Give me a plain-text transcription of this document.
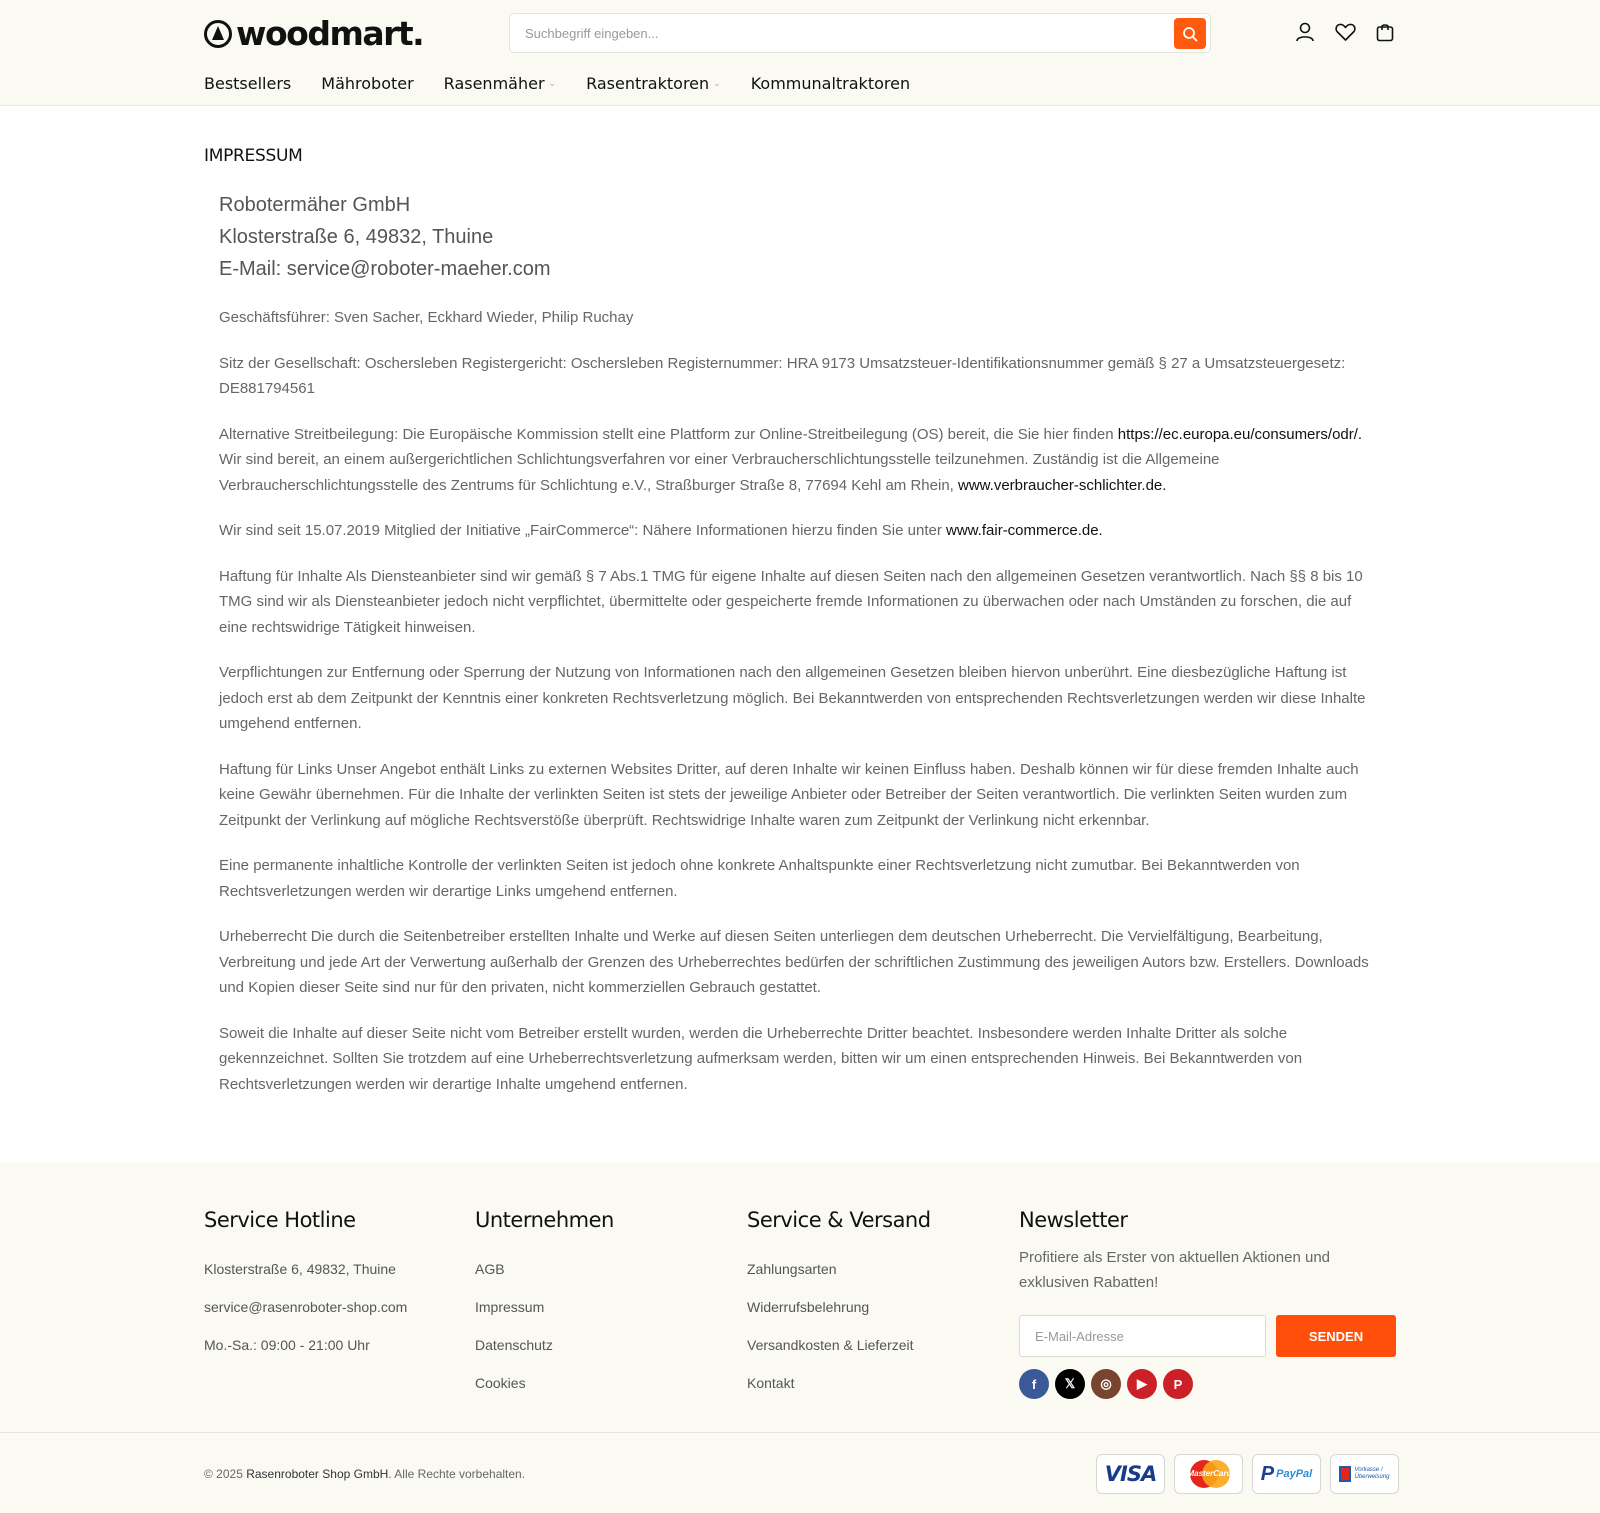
woodmart.
Suchbegriff eingeben...
Bestsellers Mähroboter Rasenmäher ⌄ Rasentraktoren ⌄ Kommunaltraktoren
IMPRESSUM
Robotermäher GmbH
Klosterstraße 6, 49832, Thuine
E-Mail: service@roboter-maeher.com

Geschäftsführer: Sven Sacher, Eckhard Wieder, Philip Ruchay

Sitz der Gesellschaft: Oschersleben Registergericht: Oschersleben Registernummer: HRA 9173 Umsatzsteuer-Identifikationsnummer gemäß § 27 a Umsatzsteuergesetz: DE881794561

Alternative Streitbeilegung: Die Europäische Kommission stellt eine Plattform zur Online-Streitbeilegung (OS) bereit, die Sie hier finden https://ec.europa.eu/consumers/odr/. Wir sind bereit, an einem außergerichtlichen Schlichtungsverfahren vor einer Verbraucherschlichtungsstelle teilzunehmen. Zuständig ist die Allgemeine Verbraucherschlichtungsstelle des Zentrums für Schlichtung e.V., Straßburger Straße 8, 77694 Kehl am Rhein, www.verbraucher-schlichter.de.

Wir sind seit 15.07.2019 Mitglied der Initiative „FairCommerce“: Nähere Informationen hierzu finden Sie unter www.fair-commerce.de.

Haftung für Inhalte Als Diensteanbieter sind wir gemäß § 7 Abs.1 TMG für eigene Inhalte auf diesen Seiten nach den allgemeinen Gesetzen verantwortlich. Nach §§ 8 bis 10 TMG sind wir als Diensteanbieter jedoch nicht verpflichtet, übermittelte oder gespeicherte fremde Informationen zu überwachen oder nach Umständen zu forschen, die auf eine rechtswidrige Tätigkeit hinweisen.

Verpflichtungen zur Entfernung oder Sperrung der Nutzung von Informationen nach den allgemeinen Gesetzen bleiben hiervon unberührt. Eine diesbezügliche Haftung ist jedoch erst ab dem Zeitpunkt der Kenntnis einer konkreten Rechtsverletzung möglich. Bei Bekanntwerden von entsprechenden Rechtsverletzungen werden wir diese Inhalte umgehend entfernen.

Haftung für Links Unser Angebot enthält Links zu externen Websites Dritter, auf deren Inhalte wir keinen Einfluss haben. Deshalb können wir für diese fremden Inhalte auch keine Gewähr übernehmen. Für die Inhalte der verlinkten Seiten ist stets der jeweilige Anbieter oder Betreiber der Seiten verantwortlich. Die verlinkten Seiten wurden zum Zeitpunkt der Verlinkung auf mögliche Rechtsverstöße überprüft. Rechtswidrige Inhalte waren zum Zeitpunkt der Verlinkung nicht erkennbar.

Eine permanente inhaltliche Kontrolle der verlinkten Seiten ist jedoch ohne konkrete Anhaltspunkte einer Rechtsverletzung nicht zumutbar. Bei Bekanntwerden von Rechtsverletzungen werden wir derartige Links umgehend entfernen.

Urheberrecht Die durch die Seitenbetreiber erstellten Inhalte und Werke auf diesen Seiten unterliegen dem deutschen Urheberrecht. Die Vervielfältigung, Bearbeitung, Verbreitung und jede Art der Verwertung außerhalb der Grenzen des Urheberrechtes bedürfen der schriftlichen Zustimmung des jeweiligen Autors bzw. Erstellers. Downloads und Kopien dieser Seite sind nur für den privaten, nicht kommerziellen Gebrauch gestattet.

Soweit die Inhalte auf dieser Seite nicht vom Betreiber erstellt wurden, werden die Urheberrechte Dritter beachtet. Insbesondere werden Inhalte Dritter als solche gekennzeichnet. Sollten Sie trotzdem auf eine Urheberrechtsverletzung aufmerksam werden, bitten wir um einen entsprechenden Hinweis. Bei Bekanntwerden von Rechtsverletzungen werden wir derartige Inhalte umgehend entfernen.

Service Hotline
Klosterstraße 6, 49832, Thuine
service@rasenroboter-shop.com
Mo.-Sa.: 09:00 - 21:00 Uhr
Unternehmen
AGB
Impressum
Datenschutz
Cookies
Service & Versand
Zahlungsarten
Widerrufsbelehrung
Versandkosten & Lieferzeit
Kontakt
Newsletter
Profitiere als Erster von aktuellen Aktionen und exklusiven Rabatten!
E-Mail-Adresse
SENDEN
f	𝕏	◎	▶	P
© 2025 Rasenroboter Shop GmbH. Alle Rechte vorbehalten.	VISA	MasterCard P PayPal	Vorkasse /
Überweisung
